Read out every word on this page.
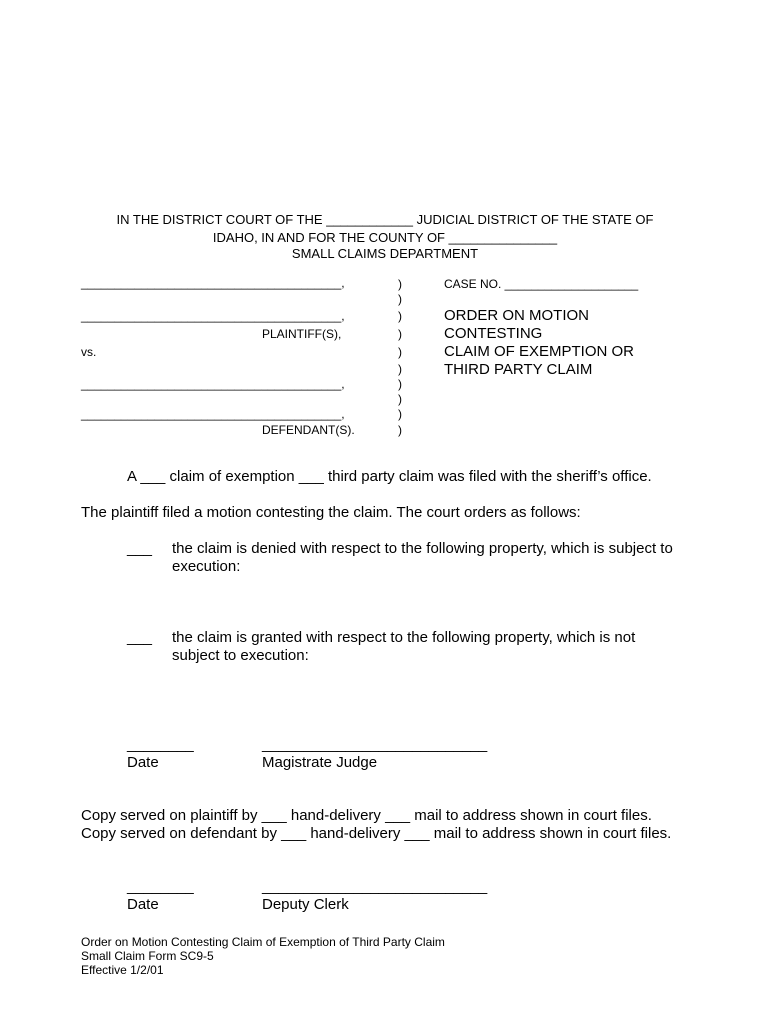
IN THE DISTRICT COURT OF THE ____________ JUDICIAL DISTRICT OF THE STATE OF
IDAHO, IN AND FOR THE COUNTY OF _______________
SMALL CLAIMS DEPARTMENT
_______________________________________,
_______________________________________,
PLAINTIFF(S),
vs.
_______________________________________,
_______________________________________,
DEFENDANT(S).
)
)
)
)
)
)
)
)
)
)
CASE NO. ____________________
ORDER ON MOTION
CONTESTING
CLAIM OF EXEMPTION OR
THIRD PARTY CLAIM
A ___ claim of exemption ___ third party claim was filed with the sheriff’s office.
The plaintiff filed a motion contesting the claim. The court orders as follows:
___ the claim is denied with respect to the following property, which is subject to
execution:
___ the claim is granted with respect to the following property, which is not
subject to execution:
________	___________________________
Date	Magistrate Judge
Copy served on plaintiff by ___ hand-delivery ___ mail to address shown in court files.
Copy served on defendant by ___ hand-delivery ___ mail to address shown in court files.
________	___________________________
Date	Deputy Clerk
Order on Motion Contesting Claim of Exemption of Third Party Claim
Small Claim Form SC9-5
Effective 1/2/01
